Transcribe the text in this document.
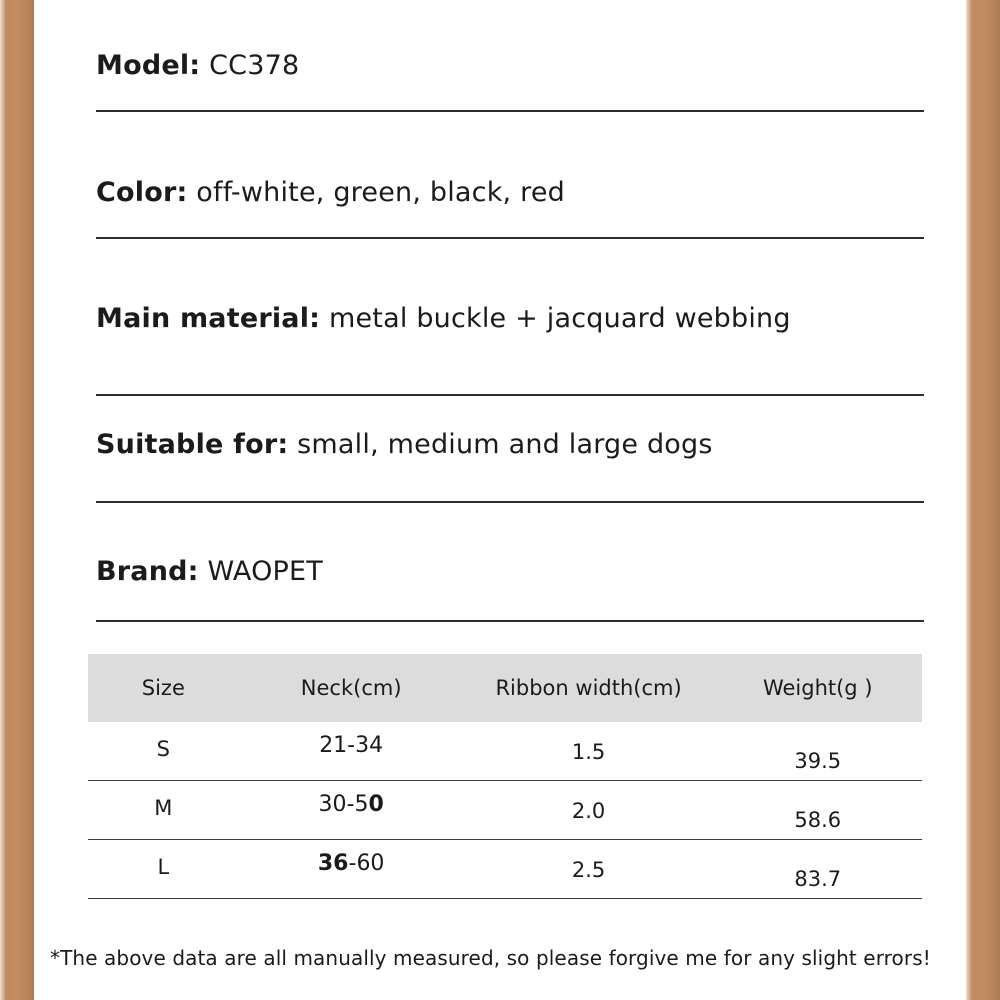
Model: CC378
Color: off-white, green, black, red
Main material: metal buckle + jacquard webbing
Suitable for: small, medium and large dogs
Brand: WAOPET
Size	Neck(cm)	Ribbon width(cm)	Weight(g )
S	21-34	1.5	39.5
M	30-50	2.0	58.6
L	36-60	2.5	83.7
*The above data are all manually measured, so please forgive me for any slight errors!
